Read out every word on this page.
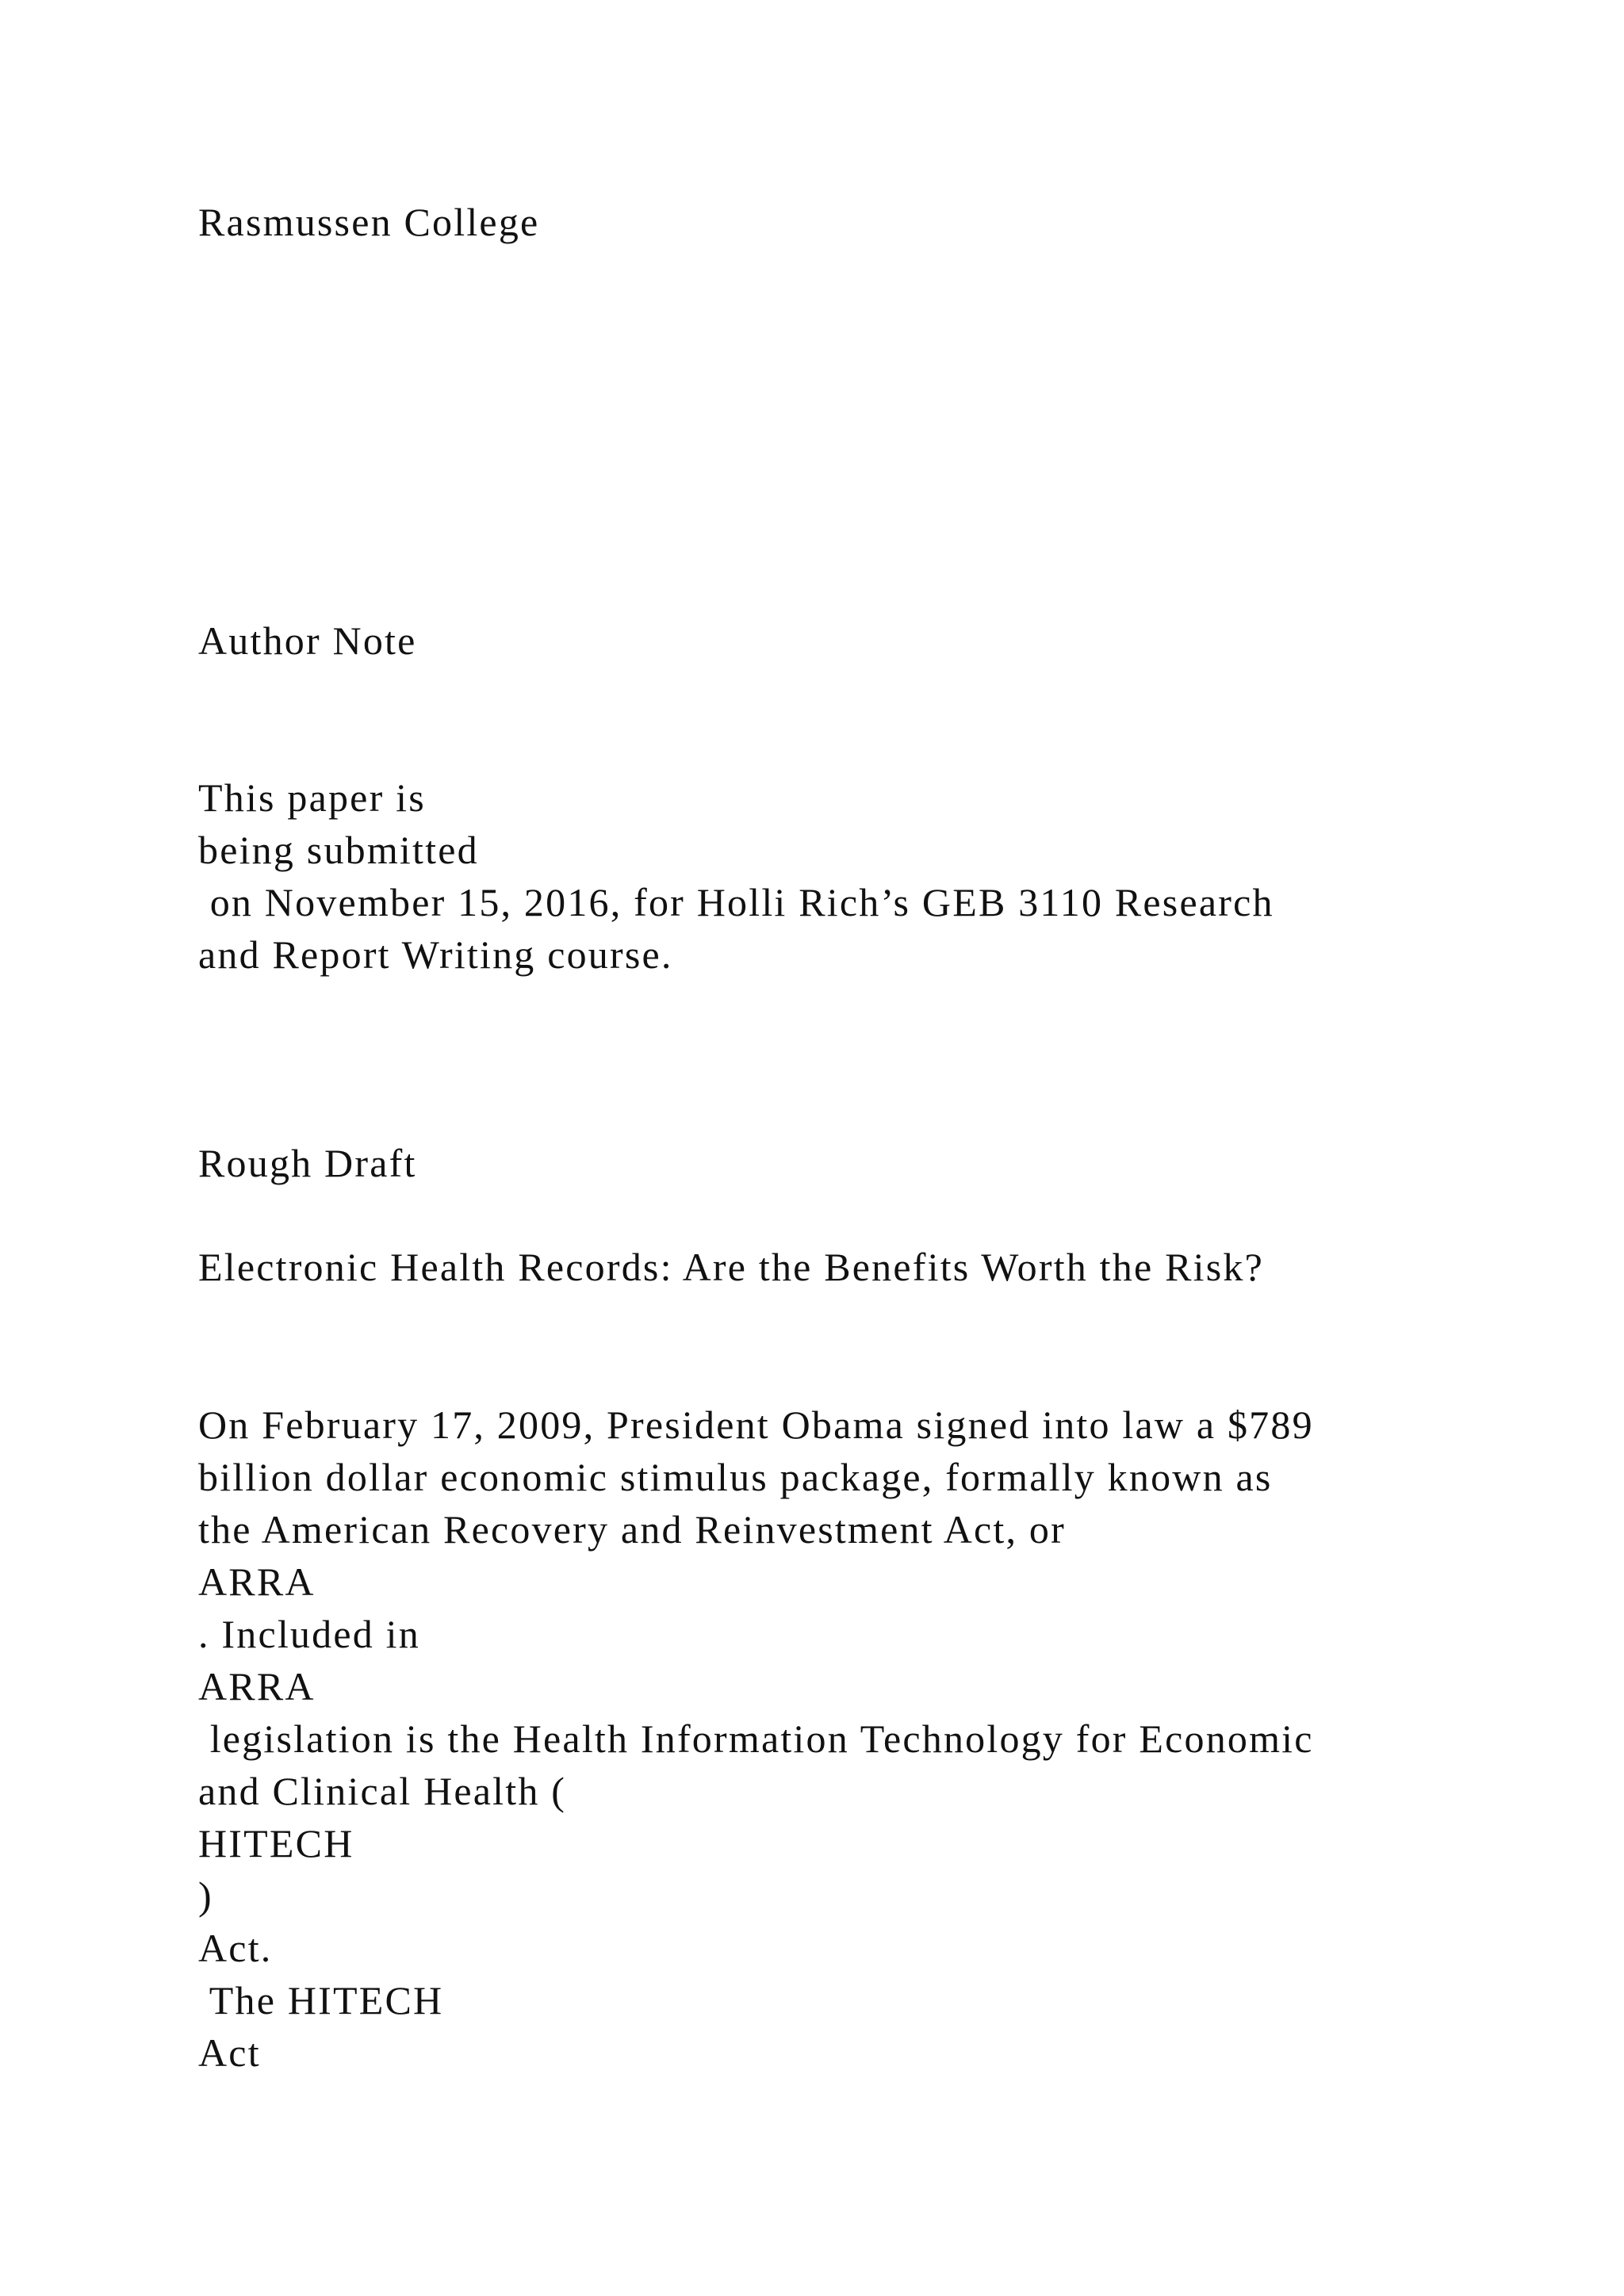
Rasmussen College

Author Note

This paper is

being submitted

on November 15, 2016, for Holli Rich’s GEB 3110 Research

and Report Writing course.

Rough Draft

Electronic Health Records: Are the Benefits Worth the Risk?

On February 17, 2009, President Obama signed into law a $789

billion dollar economic stimulus package, formally known as

the American Recovery and Reinvestment Act, or

ARRA

. Included in

ARRA

legislation is the Health Information Technology for Economic

and Clinical Health (

HITECH

)

Act.

The HITECH

Act
